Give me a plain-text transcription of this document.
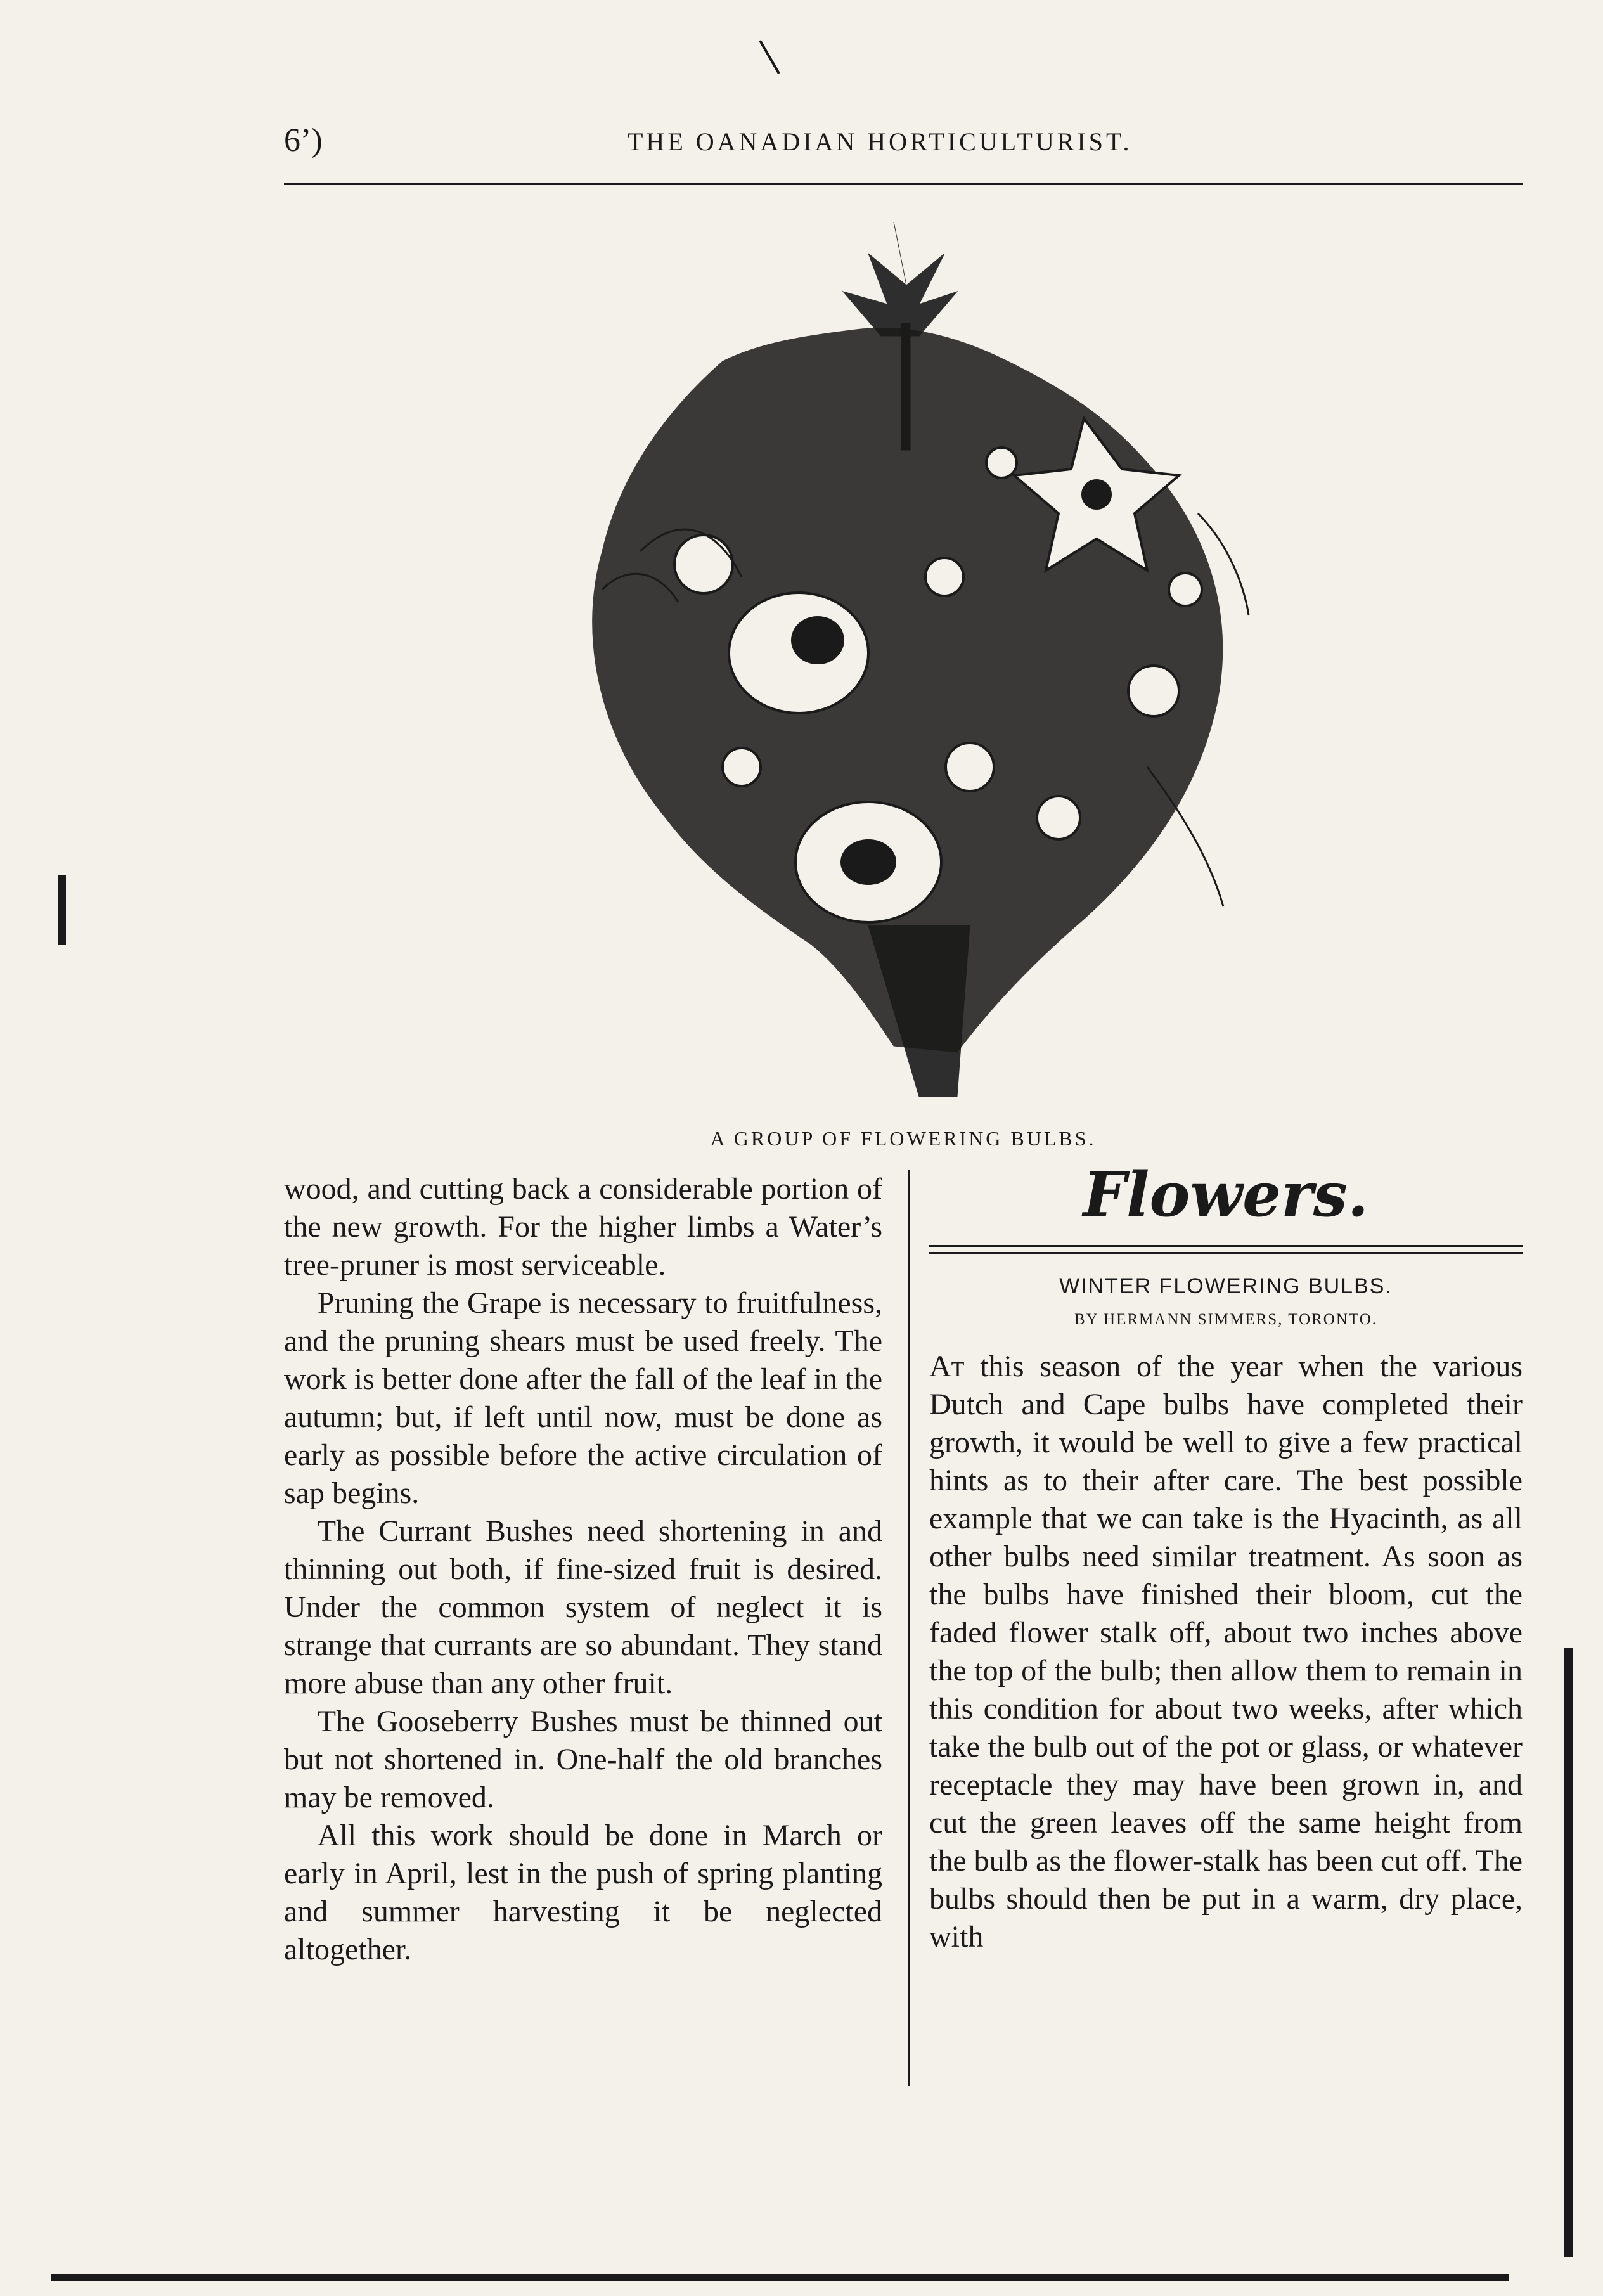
6’)	THE OANADIAN HORTICULTURIST.
A GROUP OF FLOWERING BULBS.

wood, and cutting back a considerable portion of the new growth. For the higher limbs a Water’s tree-pruner is most serviceable.

Pruning the Grape is necessary to fruitfulness, and the pruning shears must be used freely. The work is better done after the fall of the leaf in the autumn; but, if left until now, must be done as early as possible before the active circulation of sap begins.

The Currant Bushes need shortening in and thinning out both, if fine-sized fruit is desired. Under the common system of neglect it is strange that currants are so abundant. They stand more abuse than any other fruit.

The Gooseberry Bushes must be thinned out but not shortened in. One-half the old branches may be removed.

All this work should be done in March or early in April, lest in the push of spring planting and summer harvesting it be neglected altogether.

Flowers.
WINTER FLOWERING BULBS.
BY HERMANN SIMMERS, TORONTO.

At this season of the year when the various Dutch and Cape bulbs have completed their growth, it would be well to give a few practical hints as to their after care. The best possible example that we can take is the Hyacinth, as all other bulbs need similar treatment. As soon as the bulbs have finished their bloom, cut the faded flower stalk off, about two inches above the top of the bulb; then allow them to remain in this condition for about two weeks, after which take the bulb out of the pot or glass, or whatever receptacle they may have been grown in, and cut the green leaves off the same height from the bulb as the flower-stalk has been cut off. The bulbs should then be put in a warm, dry place, with
